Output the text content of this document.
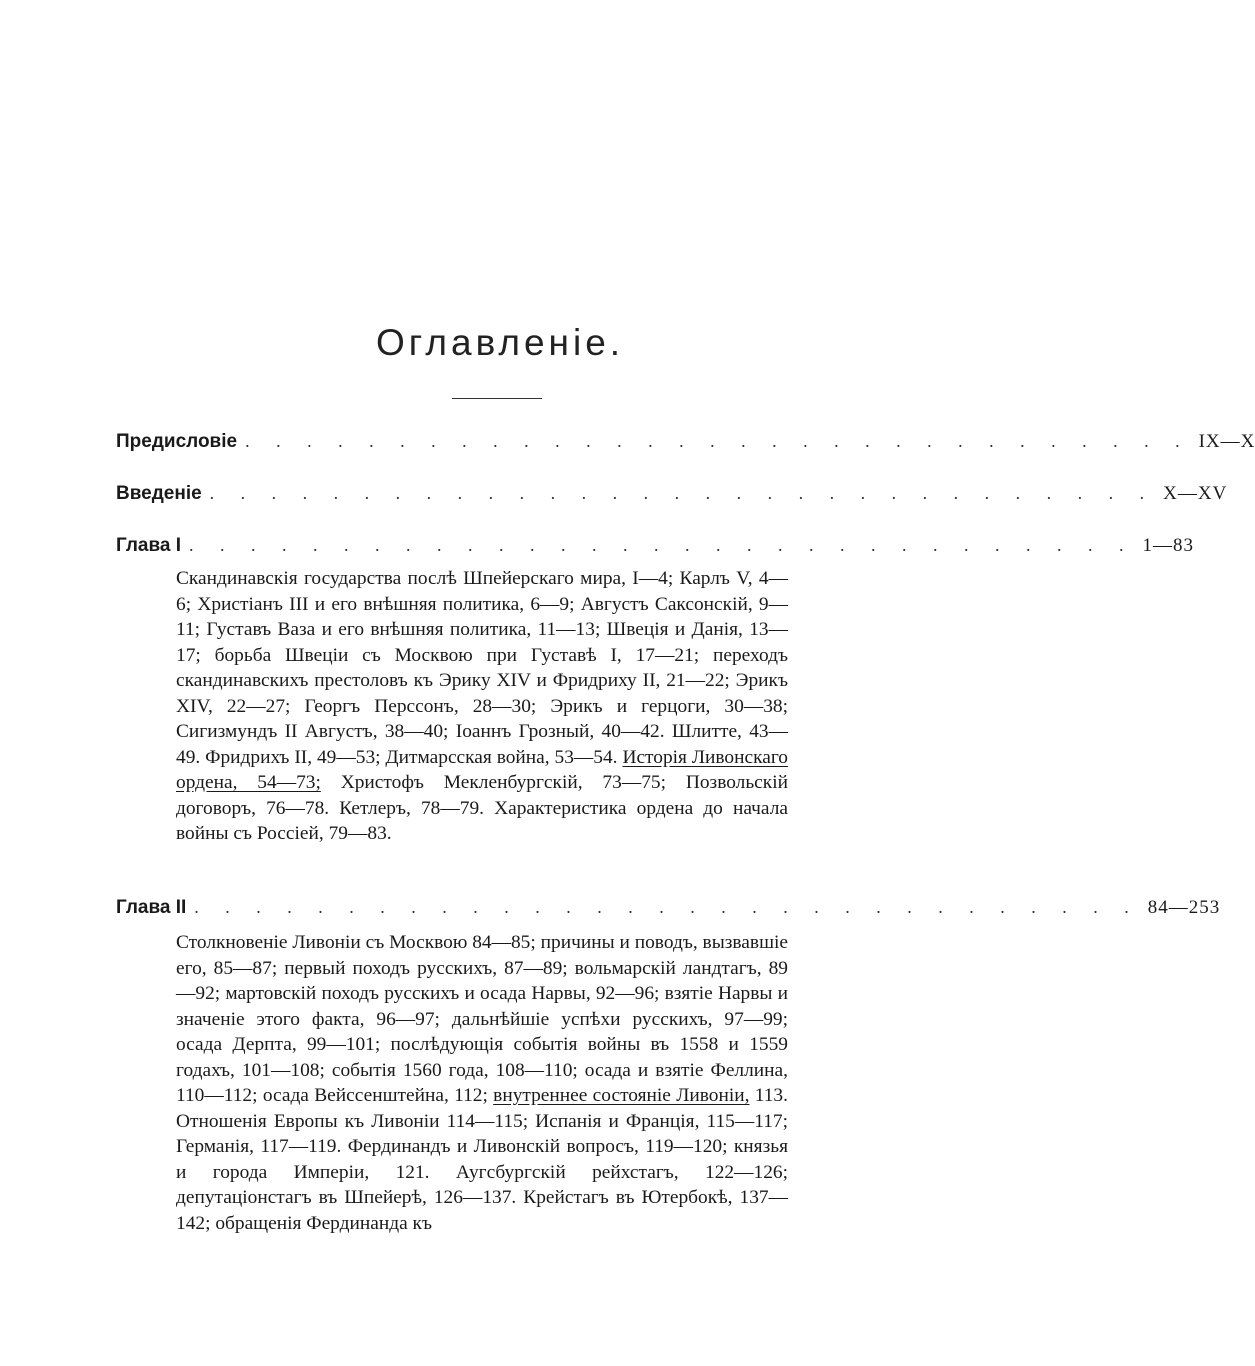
Оглавленіе.
Предисловіе . . . . . . . . . . . . . . . . . . . . . . . . . . . . . . . IX—X
Введеніе . . . . . . . . . . . . . . . . . . . . . . . . . . . . . . . X—XV
Глава I . . . . . . . . . . . . . . . . . . . . . . . . . . . . . . . 1—83
Скандинавскія государства послѣ Шпейерскаго мира, I—4; Карлъ V, 4—6; Христіанъ III и его внѣшняя политика, 6—9; Августъ Саксонскій, 9—11; Густавъ Ваза и его внѣшняя политика, 11—13; Швеція и Данія, 13—17; борьба Швеціи съ Москвою при Густавѣ I, 17—21; переходъ скандинавскихъ престоловъ къ Эрику XIV и Фридриху II, 21—22; Эрикъ XIV, 22—27; Георгъ Перссонъ, 28—30; Эрикъ и герцоги, 30—38; Сигизмундъ II Августъ, 38—40; Іоаннъ Грозный, 40—42. Шлитте, 43—49. Фридрихъ II, 49—53; Дитмарсская война, 53—54. Исторія Ливонскаго ордена, 54—73; Христофъ Мекленбургскій, 73—75; Позвольскій договоръ, 76—78. Кетлеръ, 78—79. Характеристика ордена до начала войны съ Россіей, 79—83.
Глава II . . . . . . . . . . . . . . . . . . . . . . . . . . . . . . . 84—253
Столкновеніе Ливоніи съ Москвою 84—85; причины и поводъ, вызвавшіе его, 85—87; первый походъ русскихъ, 87—89; вольмарскій ландтагъ, 89—92; мартовскій походъ русскихъ и осада Нарвы, 92—96; взятіе Нарвы и значеніе этого факта, 96—97; дальнѣйшіе успѣхи русскихъ, 97—99; осада Дерпта, 99—101; послѣдующія событія войны въ 1558 и 1559 годахъ, 101—108; событія 1560 года, 108—110; осада и взятіе Феллина, 110—112; осада Вейссенштейна, 112; внутреннее состояніе Ливоніи, 113. Отношенія Европы къ Ливоніи 114—115; Испанія и Франція, 115—117; Германія, 117—119. Фердинандъ и Ливонскій вопросъ, 119—120; князья и города Имперіи, 121. Аугсбургскій рейхстагъ, 122—126; депутаціонстагъ въ Шпейерѣ, 126—137. Крейстагъ въ Ютербокѣ, 137—142; обращенія Фердинанда къ
